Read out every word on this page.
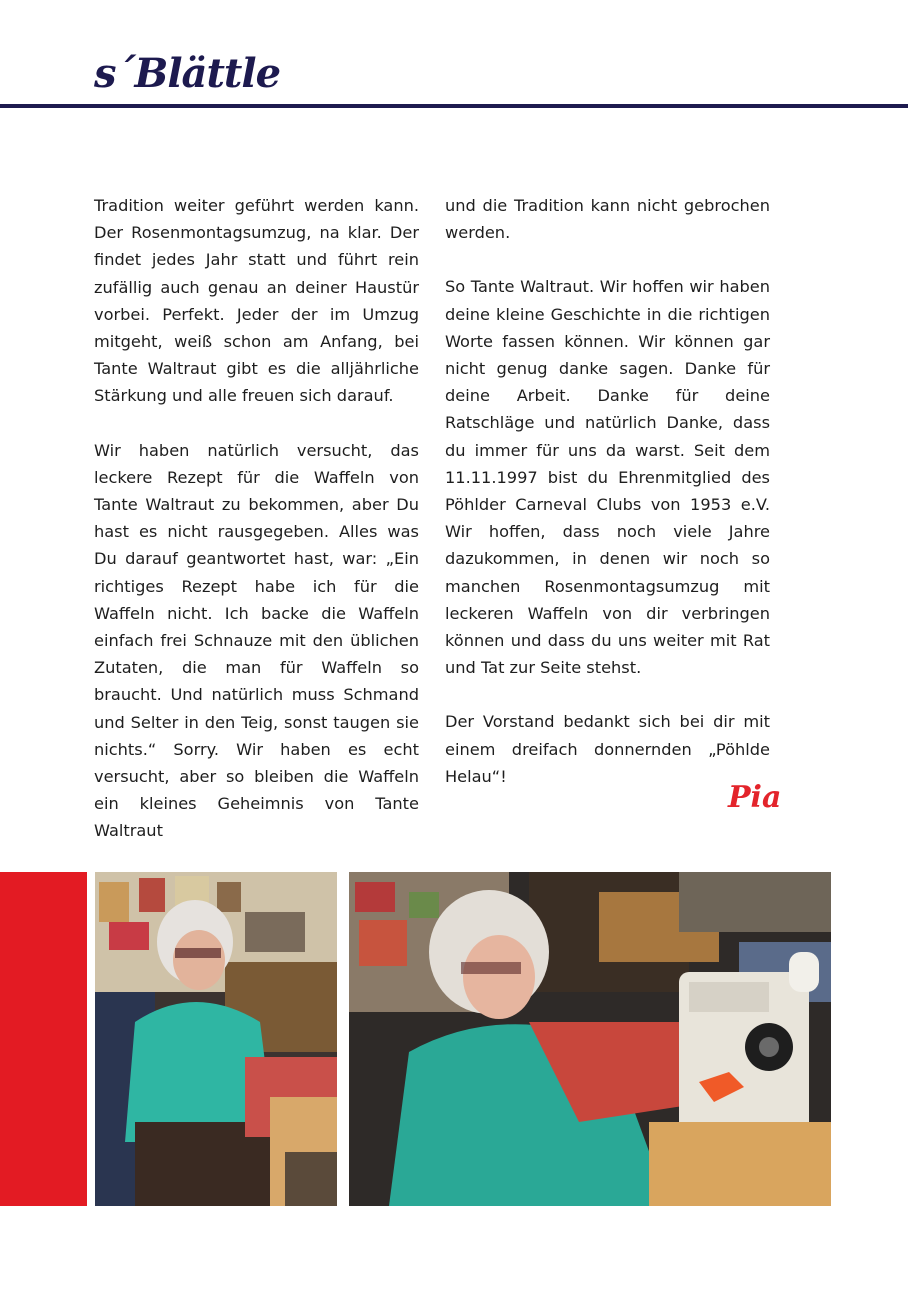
s´Blättle

Tradition weiter geführt werden kann. Der Rosenmontagsumzug, na klar. Der findet jedes Jahr statt und führt rein zufällig auch genau an deiner Haustür vorbei. Perfekt. Jeder der im Umzug mitgeht, weiß schon am Anfang, bei Tante Waltraut gibt es die alljährliche Stärkung und alle freuen sich darauf.

Wir haben natürlich versucht, das leckere Rezept für die Waffeln von Tante Waltraut zu bekommen, aber Du hast es nicht rausgegeben. Alles was Du darauf geantwortet hast, war: „Ein richtiges Rezept habe ich für die Waffeln nicht. Ich backe die Waffeln einfach frei Schnauze mit den üblichen Zutaten, die man für Waffeln so braucht. Und natürlich muss Schmand und Selter in den Teig, sonst taugen sie nichts.“ Sorry. Wir haben es echt versucht, aber so bleiben die Waffeln ein kleines Geheimnis von Tante Waltraut

und die Tradition kann nicht gebrochen werden.

So Tante Waltraut. Wir hoffen wir haben deine kleine Geschichte in die richtigen Worte fassen können. Wir können gar nicht genug danke sagen. Danke für deine Arbeit. Danke für deine Ratschläge und natürlich Danke, dass du immer für uns da warst. Seit dem 11.11.1997 bist du Ehrenmitglied des Pöhlder Carneval Clubs von 1953 e.V. Wir hoffen, dass noch viele Jahre dazukommen, in denen wir noch so manchen Rosenmontagsumzug mit leckeren Waffeln von dir verbringen können und dass du uns weiter mit Rat und Tat zur Seite stehst.

Der Vorstand bedankt sich bei dir mit einem dreifach donnernden „Pöhlde Helau“!

Pia
